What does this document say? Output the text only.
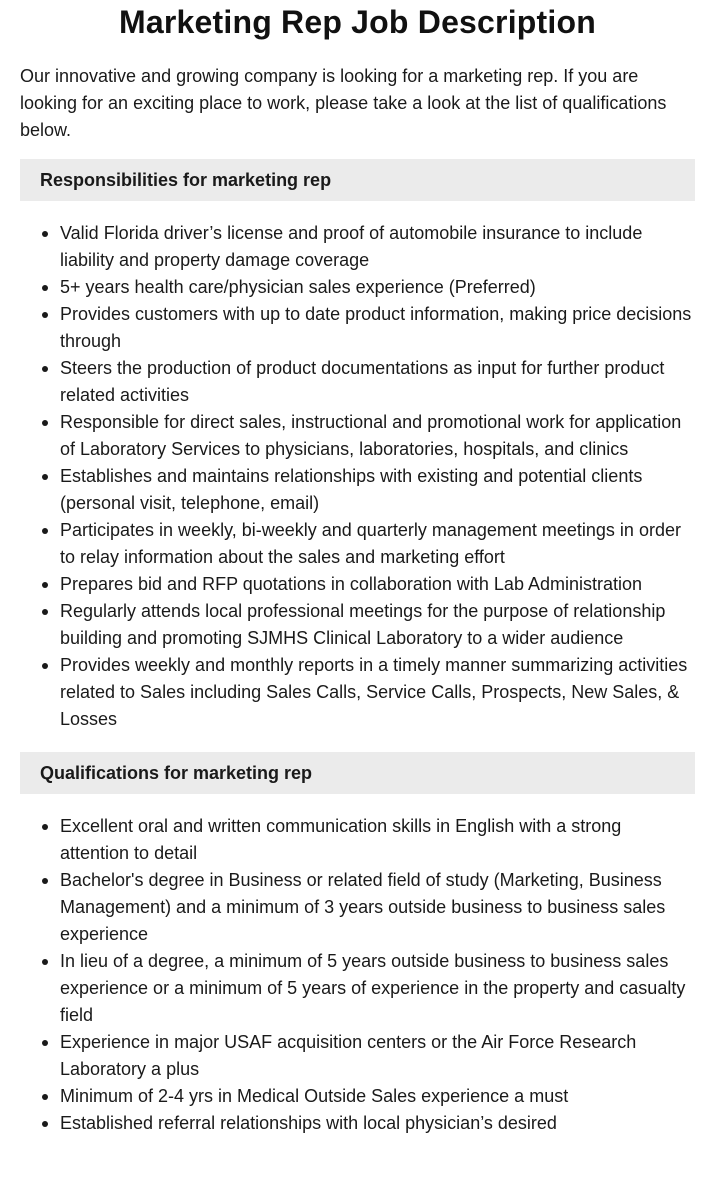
Marketing Rep Job Description

Our innovative and growing company is looking for a marketing rep. If you are looking for an exciting place to work, please take a look at the list of qualifications below.

Responsibilities for marketing rep
Valid Florida driver’s license and proof of automobile insurance to include liability and property damage coverage
5+ years health care/physician sales experience (Preferred)
Provides customers with up to date product information, making price decisions through
Steers the production of product documentations as input for further product related activities
Responsible for direct sales, instructional and promotional work for application of Laboratory Services to physicians, laboratories, hospitals, and clinics
Establishes and maintains relationships with existing and potential clients (personal visit, telephone, email)
Participates in weekly, bi-weekly and quarterly management meetings in order to relay information about the sales and marketing effort
Prepares bid and RFP quotations in collaboration with Lab Administration
Regularly attends local professional meetings for the purpose of relationship building and promoting SJMHS Clinical Laboratory to a wider audience
Provides weekly and monthly reports in a timely manner summarizing activities related to Sales including Sales Calls, Service Calls, Prospects, New Sales, & Losses
Qualifications for marketing rep
Excellent oral and written communication skills in English with a strong attention to detail
Bachelor's degree in Business or related field of study (Marketing, Business Management) and a minimum of 3 years outside business to business sales experience
In lieu of a degree, a minimum of 5 years outside business to business sales experience or a minimum of 5 years of experience in the property and casualty field
Experience in major USAF acquisition centers or the Air Force Research Laboratory a plus
Minimum of 2-4 yrs in Medical Outside Sales experience a must
Established referral relationships with local physician’s desired
